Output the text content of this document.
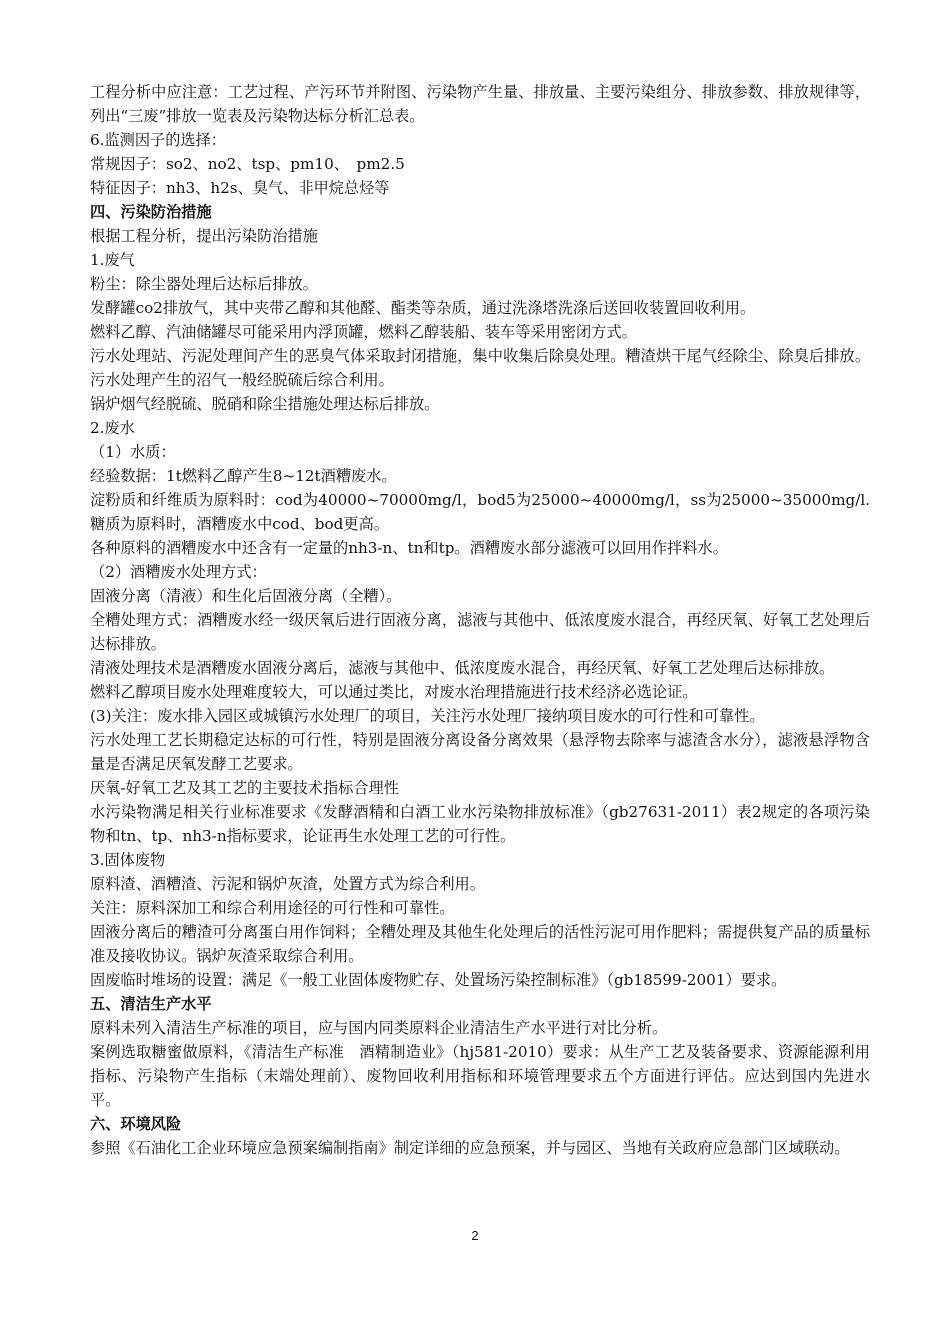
工程分析中应注意：工艺过程、产污环节并附图、污染物产生量、排放量、主要污染组分、排放参数、排放规律等，列出“三废”排放一览表及污染物达标分析汇总表。

6.监测因子的选择：

常规因子：so2、no2、tsp、pm10、　pm2.5

特征因子：nh3、h2s、臭气、非甲烷总烃等

四、污染防治措施

根据工程分析，提出污染防治措施

1.废气

粉尘：除尘器处理后达标后排放。

发酵罐co2排放气，其中夹带乙醇和其他醛、酯类等杂质，通过洗涤塔洗涤后送回收装置回收利用。

燃料乙醇、汽油储罐尽可能采用内浮顶罐，燃料乙醇装船、装车等采用密闭方式。

污水处理站、污泥处理间产生的恶臭气体采取封闭措施，集中收集后除臭处理。糟渣烘干尾气经除尘、除臭后排放。污水处理产生的沼气一般经脱硫后综合利用。

锅炉烟气经脱硫、脱硝和除尘措施处理达标后排放。

2.废水

（1）水质：

经验数据：1t燃料乙醇产生8~12t酒糟废水。

淀粉质和纤维质为原料时：cod为40000~70000mg/l，bod5为25000~40000mg/l，ss为25000~35000mg/l.糖质为原料时，酒糟废水中cod、bod更高。

各种原料的酒糟废水中还含有一定量的nh3-n、tn和tp。酒糟废水部分滤液可以回用作拌料水。

（2）酒糟废水处理方式：

固液分离（清液）和生化后固液分离（全糟）。

全糟处理方式：酒糟废水经一级厌氧后进行固液分离，滤液与其他中、低浓度废水混合，再经厌氧、好氧工艺处理后达标排放。

清液处理技术是酒糟废水固液分离后，滤液与其他中、低浓度废水混合，再经厌氧、好氧工艺处理后达标排放。

燃料乙醇项目废水处理难度较大，可以通过类比，对废水治理措施进行技术经济必选论证。

(3)关注：废水排入园区或城镇污水处理厂的项目，关注污水处理厂接纳项目废水的可行性和可靠性。

污水处理工艺长期稳定达标的可行性，特别是固液分离设备分离效果（悬浮物去除率与滤渣含水分），滤液悬浮物含量是否满足厌氧发酵工艺要求。

厌氧-好氧工艺及其工艺的主要技术指标合理性

水污染物满足相关行业标准要求《发酵酒精和白酒工业水污染物排放标准》（gb27631-2011）表2规定的各项污染物和tn、tp、nh3-n指标要求，论证再生水处理工艺的可行性。

3.固体废物

原料渣、酒糟渣、污泥和锅炉灰渣，处置方式为综合利用。

关注：原料深加工和综合利用途径的可行性和可靠性。

固液分离后的糟渣可分离蛋白用作饲料；全糟处理及其他生化处理后的活性污泥可用作肥料；需提供复产品的质量标准及接收协议。锅炉灰渣采取综合利用。

固废临时堆场的设置：满足《一般工业固体废物贮存、处置场污染控制标准》（gb18599-2001）要求。

五、清洁生产水平

原料未列入清洁生产标准的项目，应与国内同类原料企业清洁生产水平进行对比分析。

案例选取糖蜜做原料，《清洁生产标准　酒精制造业》（hj581-2010）要求：从生产工艺及装备要求、资源能源利用指标、污染物产生指标（末端处理前）、废物回收利用指标和环境管理要求五个方面进行评估。应达到国内先进水平。

六、环境风险

参照《石油化工企业环境应急预案编制指南》制定详细的应急预案，并与园区、当地有关政府应急部门区域联动。

2
